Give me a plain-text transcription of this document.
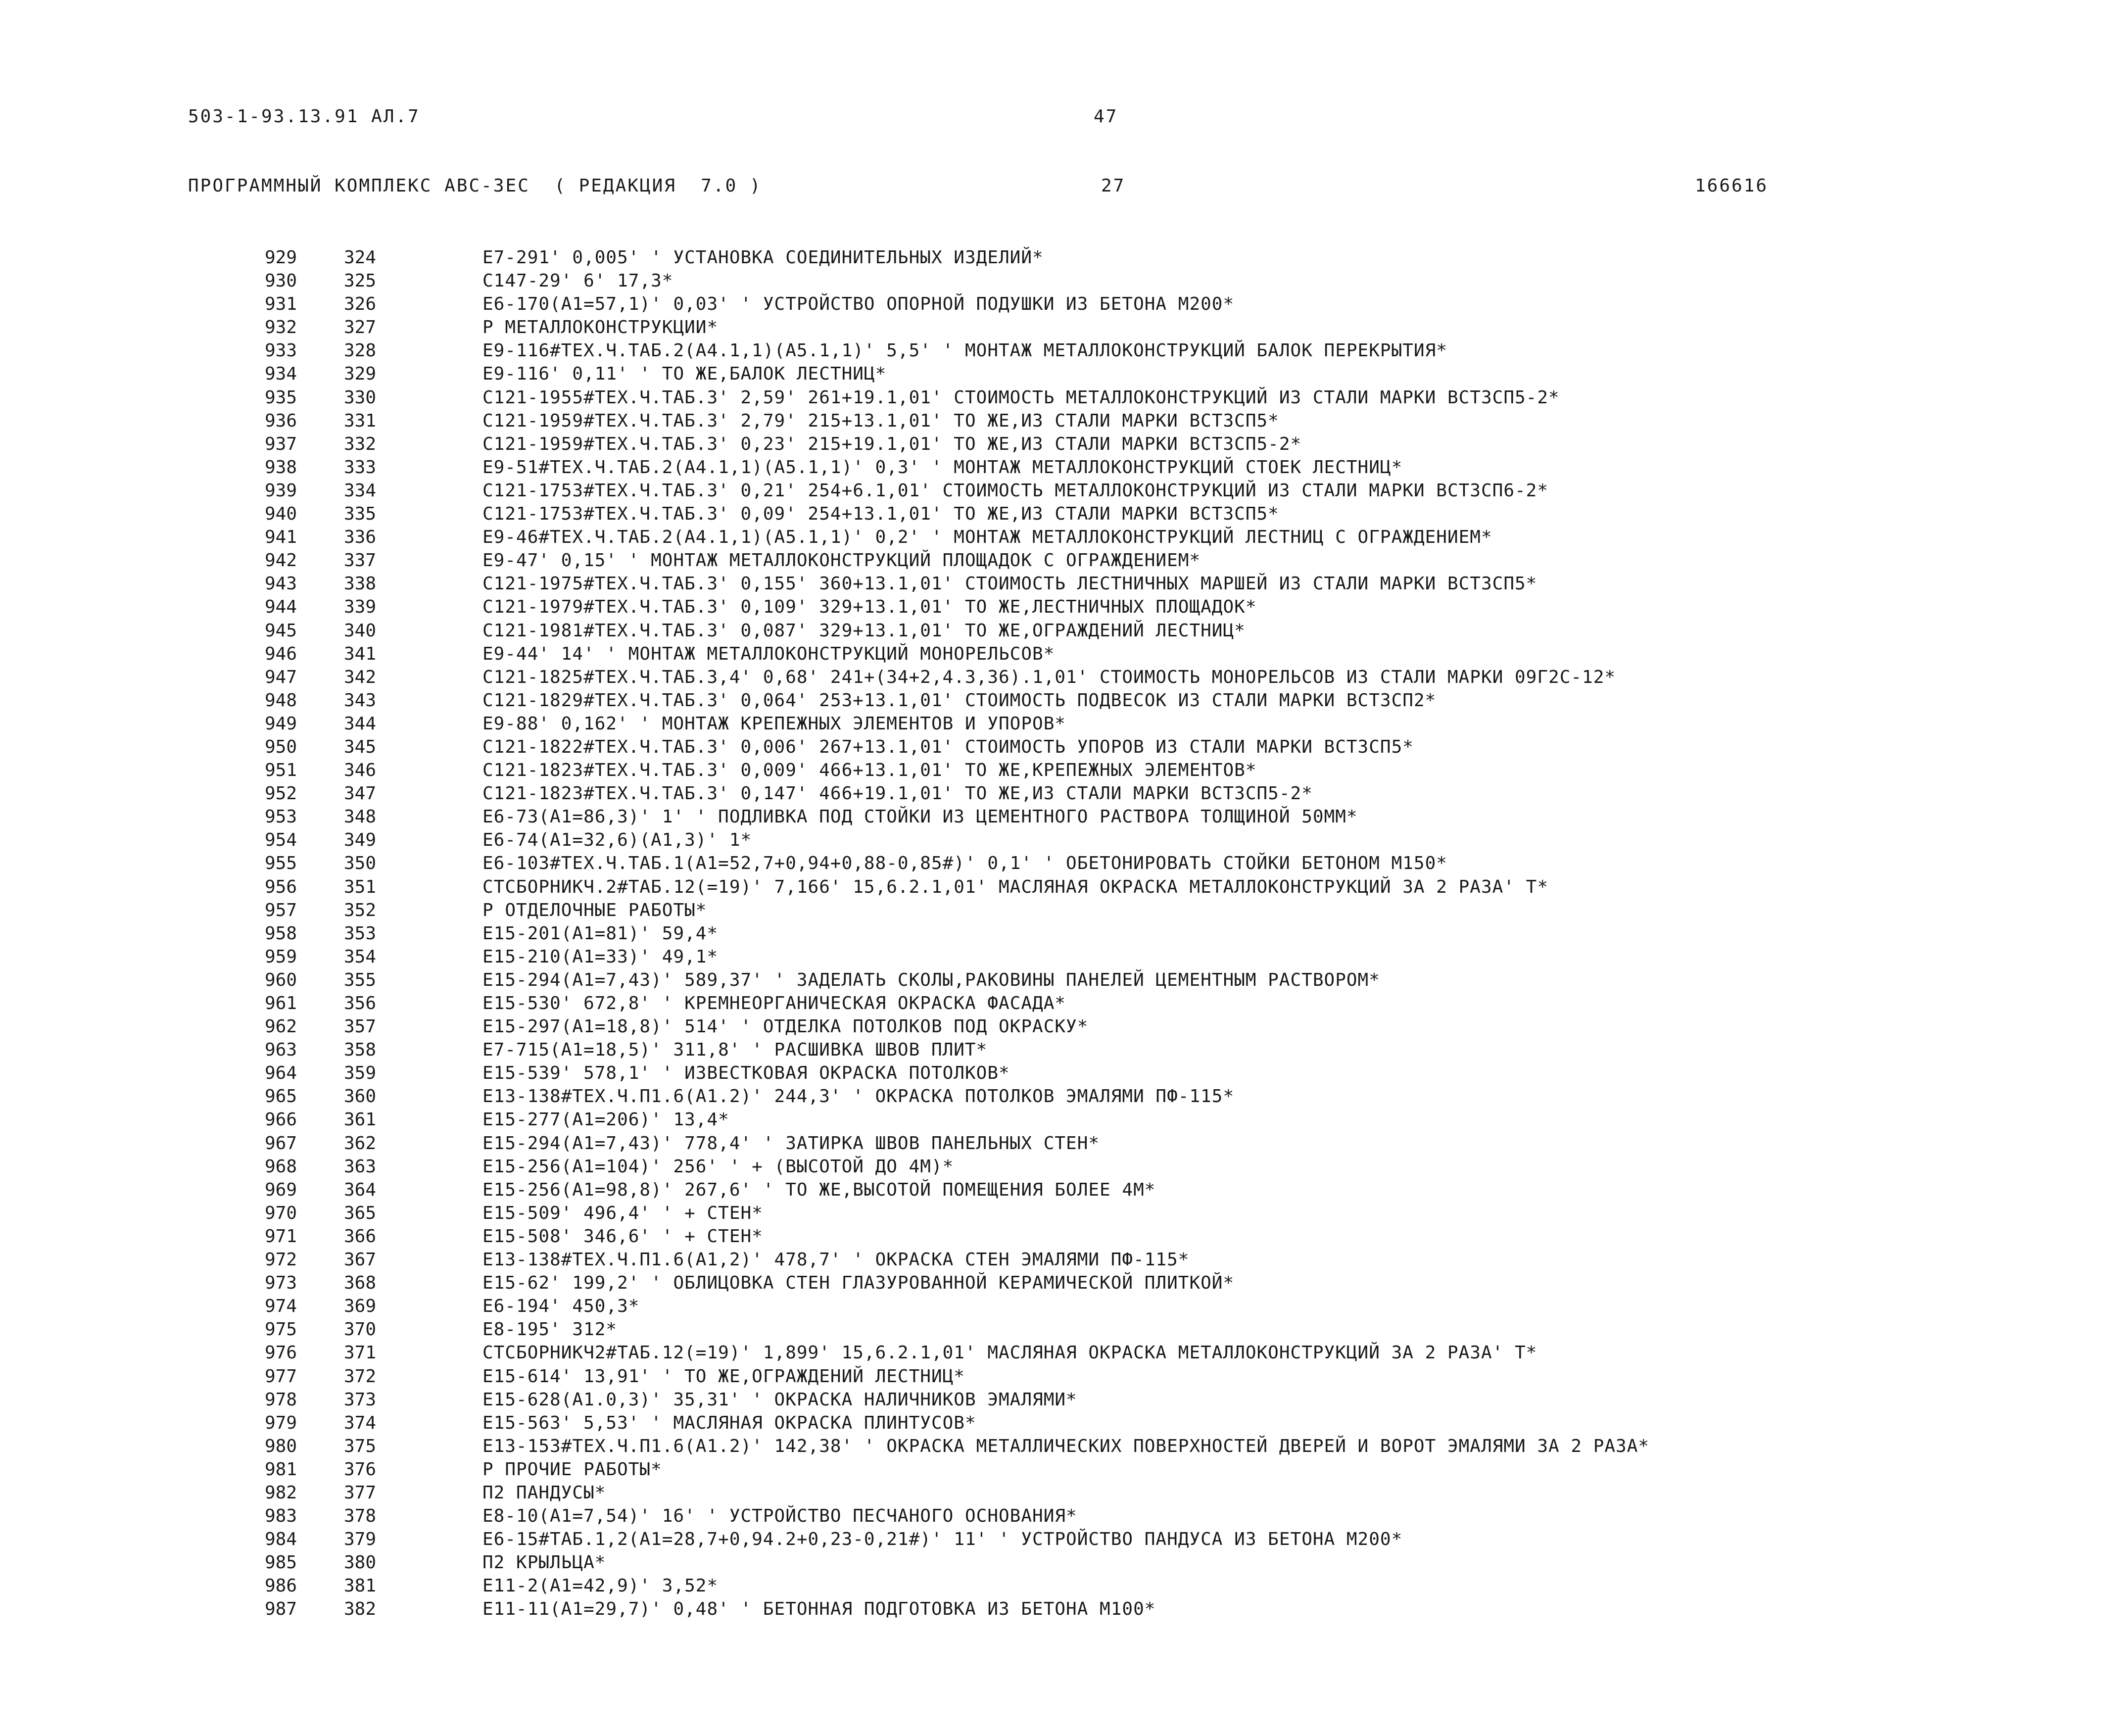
503-1-93.13.91 АЛ.7	47
ПРОГРАММНЫЙ КОМПЛЕКС АВС-3ЕС  ( РЕДАКЦИЯ  7.0 )	27	166616
929	324	E7-291' 0,005' ' УСТАНОВКА СОЕДИНИТЕЛЬНЫХ ИЗДЕЛИЙ*
930	325	C147-29' 6' 17,3*
931	326	E6-170(A1=57,1)' 0,03' ' УСТРОЙСТВО ОПОРНОЙ ПОДУШКИ ИЗ БЕТОНА М200*
932	327	P МЕТАЛЛОКОНСТРУКЦИИ*
933	328	E9-116#TEX.Ч.ТАБ.2(A4.1,1)(A5.1,1)' 5,5' ' МОНТАЖ МЕТАЛЛОКОНСТРУКЦИЙ БАЛОК ПЕРЕКРЫТИЯ*
934	329	E9-116' 0,11' ' ТО ЖЕ,БАЛОК ЛЕСТНИЦ*
935	330	C121-1955#TEX.Ч.ТАБ.3' 2,59' 261+19.1,01' СТОИМОСТЬ МЕТАЛЛОКОНСТРУКЦИЙ ИЗ СТАЛИ МАРКИ ВСТ3СП5-2*
936	331	C121-1959#TEX.Ч.ТАБ.3' 2,79' 215+13.1,01' ТО ЖЕ,ИЗ СТАЛИ МАРКИ ВСТ3СП5*
937	332	C121-1959#TEX.Ч.ТАБ.3' 0,23' 215+19.1,01' ТО ЖЕ,ИЗ СТАЛИ МАРКИ ВСТ3СП5-2*
938	333	E9-51#TEX.Ч.ТАБ.2(A4.1,1)(A5.1,1)' 0,3' ' МОНТАЖ МЕТАЛЛОКОНСТРУКЦИЙ СТОЕК ЛЕСТНИЦ*
939	334	C121-1753#TEX.Ч.ТАБ.3' 0,21' 254+6.1,01' СТОИМОСТЬ МЕТАЛЛОКОНСТРУКЦИЙ ИЗ СТАЛИ МАРКИ ВСТ3СП6-2*
940	335	C121-1753#TEX.Ч.ТАБ.3' 0,09' 254+13.1,01' ТО ЖЕ,ИЗ СТАЛИ МАРКИ ВСТ3СП5*
941	336	E9-46#TEX.Ч.ТАБ.2(A4.1,1)(A5.1,1)' 0,2' ' МОНТАЖ МЕТАЛЛОКОНСТРУКЦИЙ ЛЕСТНИЦ С ОГРАЖДЕНИЕМ*
942	337	E9-47' 0,15' ' МОНТАЖ МЕТАЛЛОКОНСТРУКЦИЙ ПЛОЩАДОК С ОГРАЖДЕНИЕМ*
943	338	C121-1975#TEX.Ч.ТАБ.3' 0,155' 360+13.1,01' СТОИМОСТЬ ЛЕСТНИЧНЫХ МАРШЕЙ ИЗ СТАЛИ МАРКИ ВСТ3СП5*
944	339	C121-1979#TEX.Ч.ТАБ.3' 0,109' 329+13.1,01' ТО ЖЕ,ЛЕСТНИЧНЫХ ПЛОЩАДОК*
945	340	C121-1981#TEX.Ч.ТАБ.3' 0,087' 329+13.1,01' ТО ЖЕ,ОГРАЖДЕНИЙ ЛЕСТНИЦ*
946	341	E9-44' 14' ' МОНТАЖ МЕТАЛЛОКОНСТРУКЦИЙ МОНОРЕЛЬСОВ*
947	342	C121-1825#TEX.Ч.ТАБ.3,4' 0,68' 241+(34+2,4.3,36).1,01' СТОИМОСТЬ МОНОРЕЛЬСОВ ИЗ СТАЛИ МАРКИ 09Г2С-12*
948	343	C121-1829#TEX.Ч.ТАБ.3' 0,064' 253+13.1,01' СТОИМОСТЬ ПОДВЕСОК ИЗ СТАЛИ МАРКИ ВСТ3СП2*
949	344	E9-88' 0,162' ' МОНТАЖ КРЕПЕЖНЫХ ЭЛЕМЕНТОВ И УПОРОВ*
950	345	C121-1822#TEX.Ч.ТАБ.3' 0,006' 267+13.1,01' СТОИМОСТЬ УПОРОВ ИЗ СТАЛИ МАРКИ ВСТ3СП5*
951	346	C121-1823#TEX.Ч.ТАБ.3' 0,009' 466+13.1,01' ТО ЖЕ,КРЕПЕЖНЫХ ЭЛЕМЕНТОВ*
952	347	C121-1823#TEX.Ч.ТАБ.3' 0,147' 466+19.1,01' ТО ЖЕ,ИЗ СТАЛИ МАРКИ ВСТ3СП5-2*
953	348	E6-73(A1=86,3)' 1' ' ПОДЛИВКА ПОД СТОЙКИ ИЗ ЦЕМЕНТНОГО РАСТВОРА ТОЛЩИНОЙ 50ММ*
954	349	E6-74(A1=32,6)(A1,3)' 1*
955	350	E6-103#TEX.Ч.ТАБ.1(A1=52,7+0,94+0,88-0,85#)' 0,1' ' ОБЕТОНИРОВАТЬ СТОЙКИ БЕТОНОМ М150*
956	351	CTCБОРНИКЧ.2#ТАБ.12(=19)' 7,166' 15,6.2.1,01' МАСЛЯНАЯ ОКРАСКА МЕТАЛЛОКОНСТРУКЦИЙ ЗА 2 РАЗА' Т*
957	352	P ОТДЕЛОЧНЫЕ РАБОТЫ*
958	353	E15-201(A1=81)' 59,4*
959	354	E15-210(A1=33)' 49,1*
960	355	E15-294(A1=7,43)' 589,37' ' ЗАДЕЛАТЬ СКОЛЫ,РАКОВИНЫ ПАНЕЛЕЙ ЦЕМЕНТНЫМ РАСТВОРОМ*
961	356	E15-530' 672,8' ' КРЕМНЕОРГАНИЧЕСКАЯ ОКРАСКА ФАСАДА*
962	357	E15-297(A1=18,8)' 514' ' ОТДЕЛКА ПОТОЛКОВ ПОД ОКРАСКУ*
963	358	E7-715(A1=18,5)' 311,8' ' РАСШИВКА ШВОВ ПЛИТ*
964	359	E15-539' 578,1' ' ИЗВЕСТКОВАЯ ОКРАСКА ПОТОЛКОВ*
965	360	E13-138#TEX.Ч.П1.6(A1.2)' 244,3' ' ОКРАСКА ПОТОЛКОВ ЭМАЛЯМИ ПФ-115*
966	361	E15-277(A1=206)' 13,4*
967	362	E15-294(A1=7,43)' 778,4' ' ЗАТИРКА ШВОВ ПАНЕЛЬНЫХ СТЕН*
968	363	E15-256(A1=104)' 256' ' + (ВЫСОТОЙ ДО 4М)*
969	364	E15-256(A1=98,8)' 267,6' ' ТО ЖЕ,ВЫСОТОЙ ПОМЕЩЕНИЯ БОЛЕЕ 4М*
970	365	E15-509' 496,4' ' + СТЕН*
971	366	E15-508' 346,6' ' + СТЕН*
972	367	E13-138#TEX.Ч.П1.6(A1,2)' 478,7' ' ОКРАСКА СТЕН ЭМАЛЯМИ ПФ-115*
973	368	E15-62' 199,2' ' ОБЛИЦОВКА СТЕН ГЛАЗУРОВАННОЙ КЕРАМИЧЕСКОЙ ПЛИТКОЙ*
974	369	E6-194' 450,3*
975	370	E8-195' 312*
976	371	CTCБОРНИКЧ2#ТАБ.12(=19)' 1,899' 15,6.2.1,01' МАСЛЯНАЯ ОКРАСКА МЕТАЛЛОКОНСТРУКЦИЙ ЗА 2 РАЗА' Т*
977	372	E15-614' 13,91' ' ТО ЖЕ,ОГРАЖДЕНИЙ ЛЕСТНИЦ*
978	373	E15-628(A1.0,3)' 35,31' ' ОКРАСКА НАЛИЧНИКОВ ЭМАЛЯМИ*
979	374	E15-563' 5,53' ' МАСЛЯНАЯ ОКРАСКА ПЛИНТУСОВ*
980	375	E13-153#TEX.Ч.П1.6(A1.2)' 142,38' ' ОКРАСКА МЕТАЛЛИЧЕСКИХ ПОВЕРХНОСТЕЙ ДВЕРЕЙ И ВОРОТ ЭМАЛЯМИ ЗА 2 РАЗА*
981	376	P ПРОЧИЕ РАБОТЫ*
982	377	П2 ПАНДУСЫ*
983	378	E8-10(A1=7,54)' 16' ' УСТРОЙСТВО ПЕСЧАНОГО ОСНОВАНИЯ*
984	379	E6-15#ТАБ.1,2(A1=28,7+0,94.2+0,23-0,21#)' 11' ' УСТРОЙСТВО ПАНДУСА ИЗ БЕТОНА М200*
985	380	П2 КРЫЛЬЦА*
986	381	E11-2(A1=42,9)' 3,52*
987	382	E11-11(A1=29,7)' 0,48' ' БЕТОННАЯ ПОДГОТОВКА ИЗ БЕТОНА М100*
